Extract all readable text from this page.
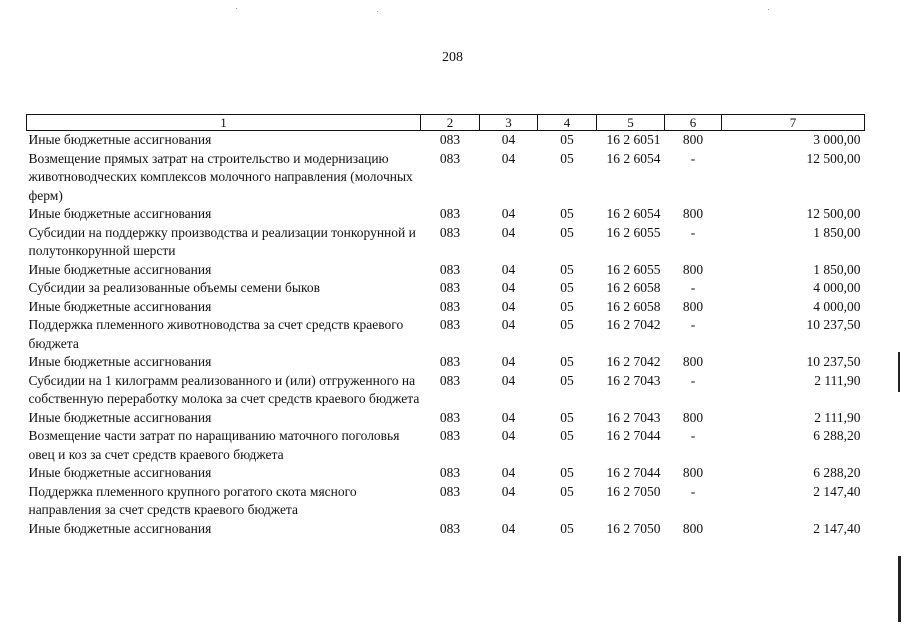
208
1	2	3	4	5	6	7
Иные бюджетные ассигнования	083	04	05	16 2 6051	800	3 000,00
Возмещение прямых затрат на строительство и модернизацию животноводческих комплексов молочного направления (молочных ферм)	083	04	05	16 2 6054	-	12 500,00
Иные бюджетные ассигнования	083	04	05	16 2 6054	800	12 500,00
Субсидии на поддержку производства и реализации тонкорунной и полутонкорунной шерсти	083	04	05	16 2 6055	-	1 850,00
Иные бюджетные ассигнования	083	04	05	16 2 6055	800	1 850,00
Субсидии за реализованные объемы семени быков	083	04	05	16 2 6058	-	4 000,00
Иные бюджетные ассигнования	083	04	05	16 2 6058	800	4 000,00
Поддержка племенного животноводства за счет средств краевого бюджета	083	04	05	16 2 7042	-	10 237,50
Иные бюджетные ассигнования	083	04	05	16 2 7042	800	10 237,50
Субсидии на 1 килограмм реализованного и (или) отгруженного на собственную переработку молока за счет средств краевого бюджета	083	04	05	16 2 7043	-	2 111,90
Иные бюджетные ассигнования	083	04	05	16 2 7043	800	2 111,90
Возмещение части затрат по наращиванию маточного поголовья овец и коз за счет средств краевого бюджета	083	04	05	16 2 7044	-	6 288,20
Иные бюджетные ассигнования	083	04	05	16 2 7044	800	6 288,20
Поддержка племенного крупного рогатого скота мясного направления за счет средств краевого бюджета	083	04	05	16 2 7050	-	2 147,40
Иные бюджетные ассигнования	083	04	05	16 2 7050	800	2 147,40
